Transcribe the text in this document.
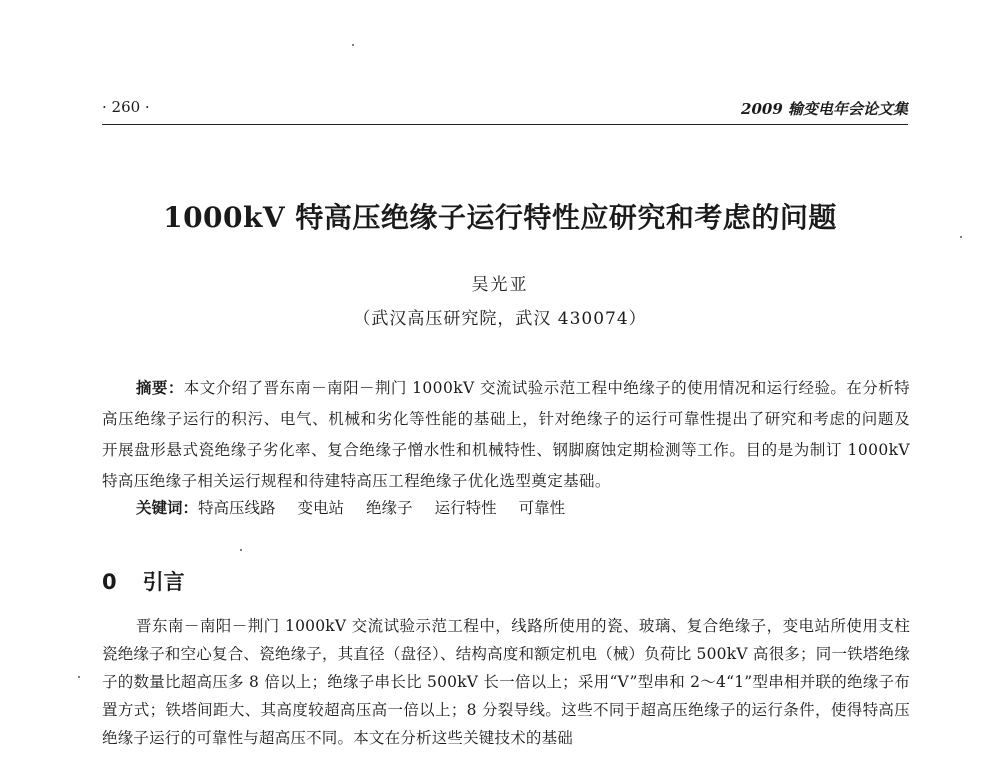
· 260 ·	2009 输变电年会论文集
1000kV 特高压绝缘子运行特性应研究和考虑的问题
吴光亚
（武汉高压研究院，武汉 430074）
摘要：本文介绍了晋东南－南阳－荆门 1000kV 交流试验示范工程中绝缘子的使用情况和运行经验。在分析特高压绝缘子运行的积污、电气、机械和劣化等性能的基础上，针对绝缘子的运行可靠性提出了研究和考虑的问题及开展盘形悬式瓷绝缘子劣化率、复合绝缘子憎水性和机械特性、钢脚腐蚀定期检测等工作。目的是为制订 1000kV 特高压绝缘子相关运行规程和待建特高压工程绝缘子优化选型奠定基础。
关键词：特高压线路 变电站 绝缘子 运行特性 可靠性
0 引言
晋东南－南阳－荆门 1000kV 交流试验示范工程中，线路所使用的瓷、玻璃、复合绝缘子，变电站所使用支柱瓷绝缘子和空心复合、瓷绝缘子，其直径（盘径）、结构高度和额定机电（械）负荷比 500kV 高很多；同一铁塔绝缘子的数量比超高压多 8 倍以上；绝缘子串长比 500kV 长一倍以上；采用“V”型串和 2～4“1”型串相并联的绝缘子布置方式；铁塔间距大、其高度较超高压高一倍以上；8 分裂导线。这些不同于超高压绝缘子的运行条件，使得特高压绝缘子运行的可靠性与超高压不同。本文在分析这些关键技术的基础
